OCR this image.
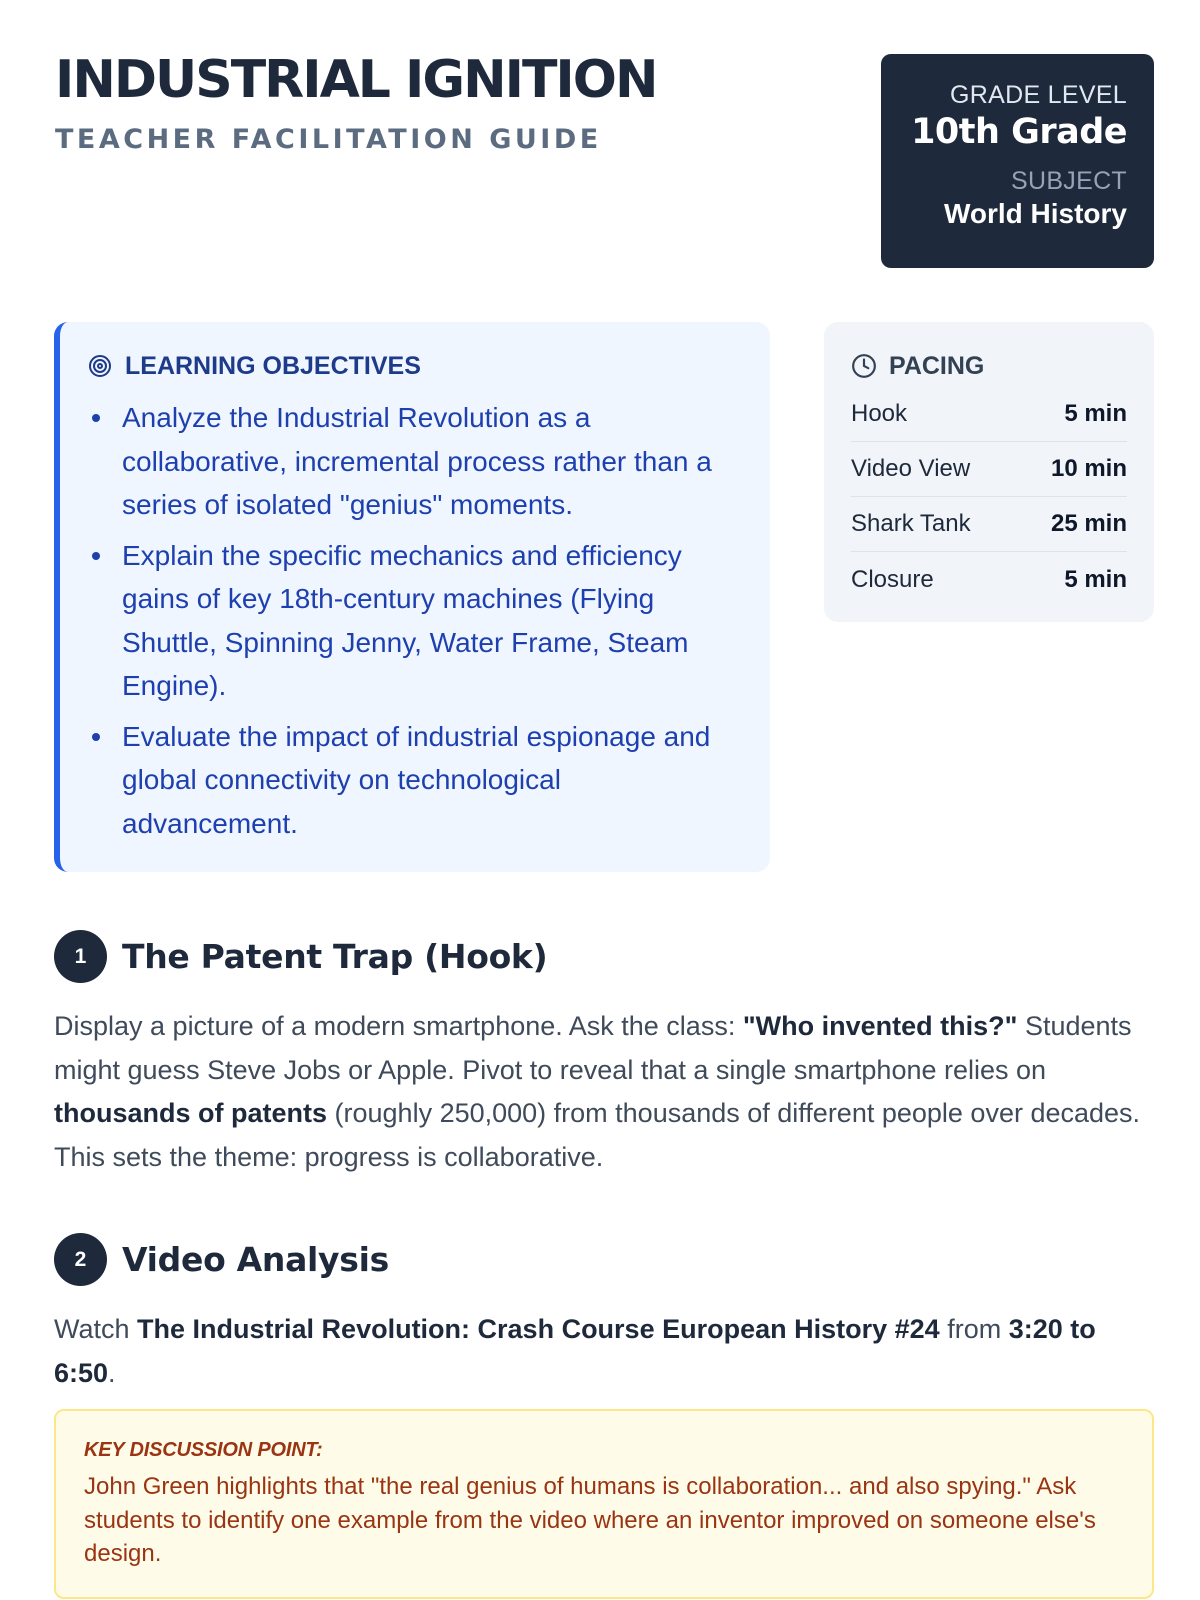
INDUSTRIAL IGNITION
TEACHER FACILITATION GUIDE
GRADE LEVEL
10th Grade
SUBJECT
World History
LEARNING OBJECTIVES
Analyze the Industrial Revolution as a collaborative, incremental process rather than a series of isolated "genius" moments.
Explain the specific mechanics and efficiency gains of key 18th-century machines (Flying Shuttle, Spinning Jenny, Water Frame, Steam Engine).
Evaluate the impact of industrial espionage and global connectivity on technological advancement.
PACING
Hook	5 min
Video View	10 min
Shark Tank	25 min
Closure	5 min
1	The Patent Trap (Hook)

Display a picture of a modern smartphone. Ask the class: "Who invented this?" Students might guess Steve Jobs or Apple. Pivot to reveal that a single smartphone relies on thousands of patents (roughly 250,000) from thousands of different people over decades. This sets the theme: progress is collaborative.

2	Video Analysis

Watch The Industrial Revolution: Crash Course European History #24 from 3:20 to 6:50.

KEY DISCUSSION POINT:
John Green highlights that "the real genius of humans is collaboration... and also spying." Ask students to identify one example from the video where an inventor improved on someone else's design.
